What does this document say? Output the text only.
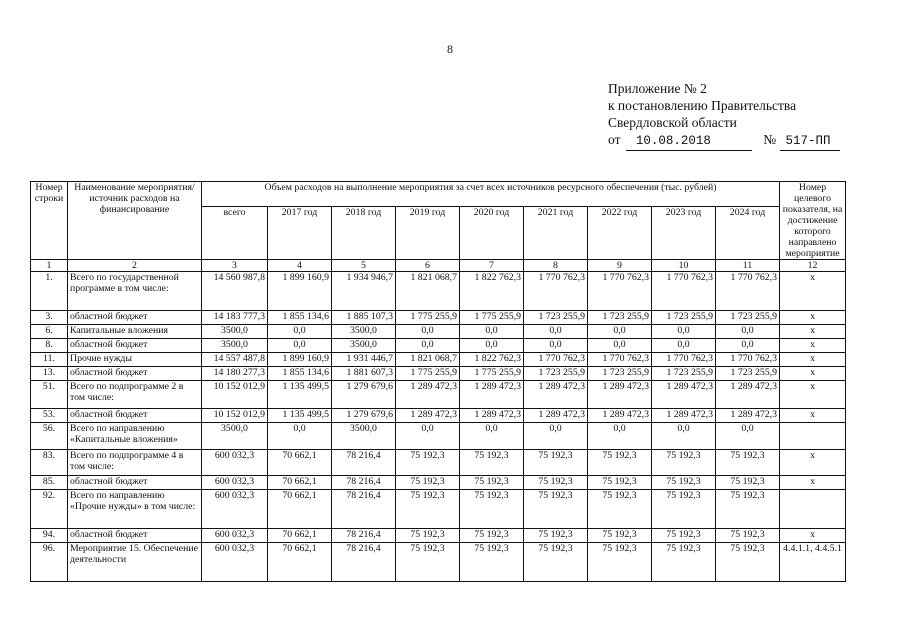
8
Приложение № 2
к постановлению Правительства
Свердловской области
от 10.08.2018	№ 517-ПП
Номер строки	Наименование мероприятия/источник расходов на финансирование	Объем расходов на выполнение мероприятия за счет всех источников ресурсного обеспечения (тыс. рублей)									Номер целевого показателя, на достижение которого направлено мероприятие
		всего	2017 год	2018 год	2019 год	2020 год	2021 год	2022 год	2023 год	2024 год	
1	2	3	4	5	6	7	8	9	10	11	12
1.	Всего по государственной программе в том числе:	14 560 987,8	1 899 160,9	1 934 946,7	1 821 068,7	1 822 762,3	1 770 762,3	1 770 762,3	1 770 762,3	1 770 762,3	х
3.	областной бюджет	14 183 777,3	1 855 134,6	1 885 107,3	1 775 255,9	1 775 255,9	1 723 255,9	1 723 255,9	1 723 255,9	1 723 255,9	х
6.	Капитальные вложения	3500,0	0,0	3500,0	0,0	0,0	0,0	0,0	0,0	0,0	х
8.	областной бюджет	3500,0	0,0	3500,0	0,0	0,0	0,0	0,0	0,0	0,0	х
11.	Прочие нужды	14 557 487,8	1 899 160,9	1 931 446,7	1 821 068,7	1 822 762,3	1 770 762,3	1 770 762,3	1 770 762,3	1 770 762,3	х
13.	областной бюджет	14 180 277,3	1 855 134,6	1 881 607,3	1 775 255,9	1 775 255,9	1 723 255,9	1 723 255,9	1 723 255,9	1 723 255,9	х
51.	Всего по подпрограмме 2 в том числе:	10 152 012,9	1 135 499,5	1 279 679,6	1 289 472,3	1 289 472,3	1 289 472,3	1 289 472,3	1 289 472,3	1 289 472,3	х
53.	областной бюджет	10 152 012,9	1 135 499,5	1 279 679,6	1 289 472,3	1 289 472,3	1 289 472,3	1 289 472,3	1 289 472,3	1 289 472,3	х
56.	Всего по направлению «Капитальные вложения»	3500,0	0,0	3500,0	0,0	0,0	0,0	0,0	0,0	0,0	
83.	Всего по подпрограмме 4 в том числе:	600 032,3	70 662,1	78 216,4	75 192,3	75 192,3	75 192,3	75 192,3	75 192,3	75 192,3	х
85.	областной бюджет	600 032,3	70 662,1	78 216,4	75 192,3	75 192,3	75 192,3	75 192,3	75 192,3	75 192,3	х
92.	Всего по направлению «Прочие нужды» в том числе:	600 032,3	70 662,1	78 216,4	75 192,3	75 192,3	75 192,3	75 192,3	75 192,3	75 192,3	
94.	областной бюджет	600 032,3	70 662,1	78 216,4	75 192,3	75 192,3	75 192,3	75 192,3	75 192,3	75 192,3	х
96.	Мероприятие 15. Обеспечение деятельности	600 032,3	70 662,1	78 216,4	75 192,3	75 192,3	75 192,3	75 192,3	75 192,3	75 192,3	4.4.1.1, 4.4.5.1
